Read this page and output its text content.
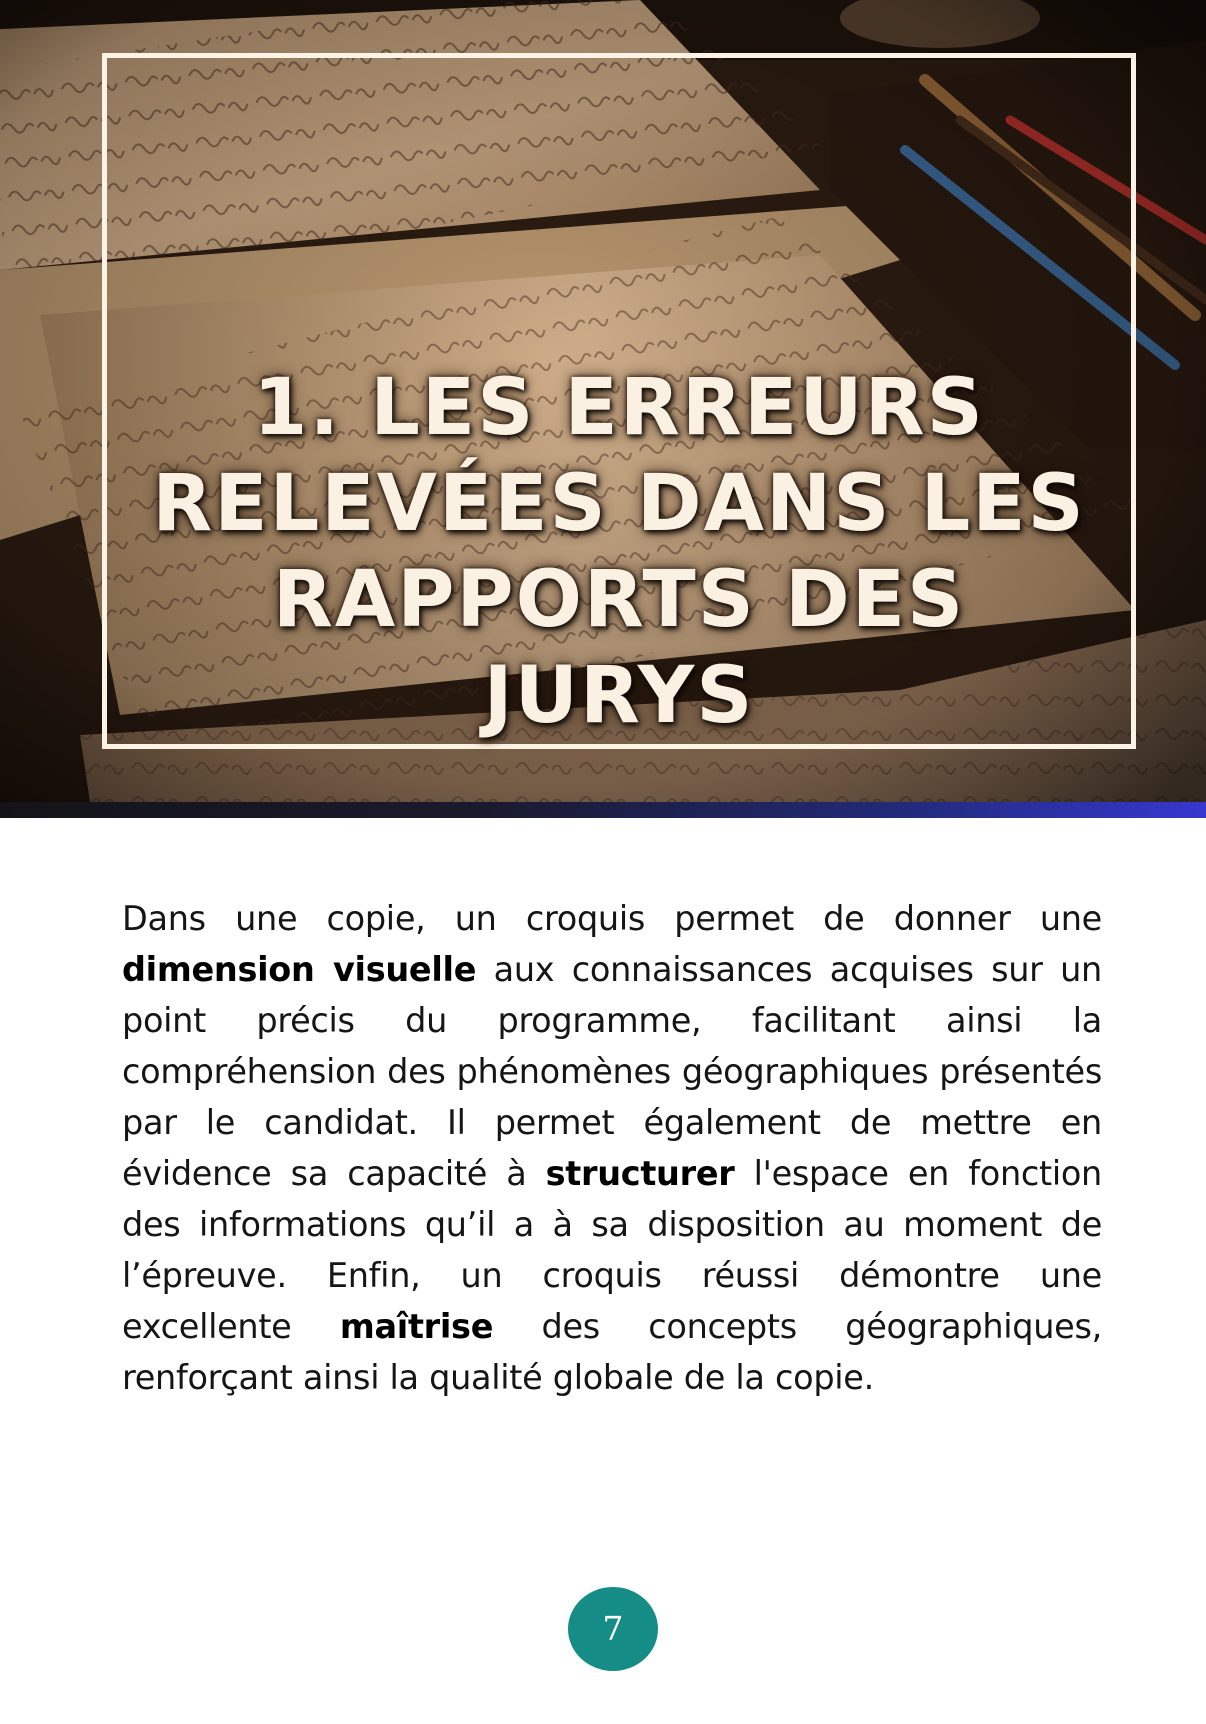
1. LES ERREURS RELEVÉES DANS LES RAPPORTS DES JURYS

Dans une copie, un croquis permet de donner une dimension visuelle aux connaissances acquises sur un point précis du programme, facilitant ainsi la compréhension des phénomènes géographiques présentés par le candidat. Il permet également de mettre en évidence sa capacité à structurer l'espace en fonction des informations qu’il a à sa disposition au moment de l’épreuve. Enfin, un croquis réussi démontre une excellente maîtrise des concepts géographiques, renforçant ainsi la qualité globale de la copie.

7
